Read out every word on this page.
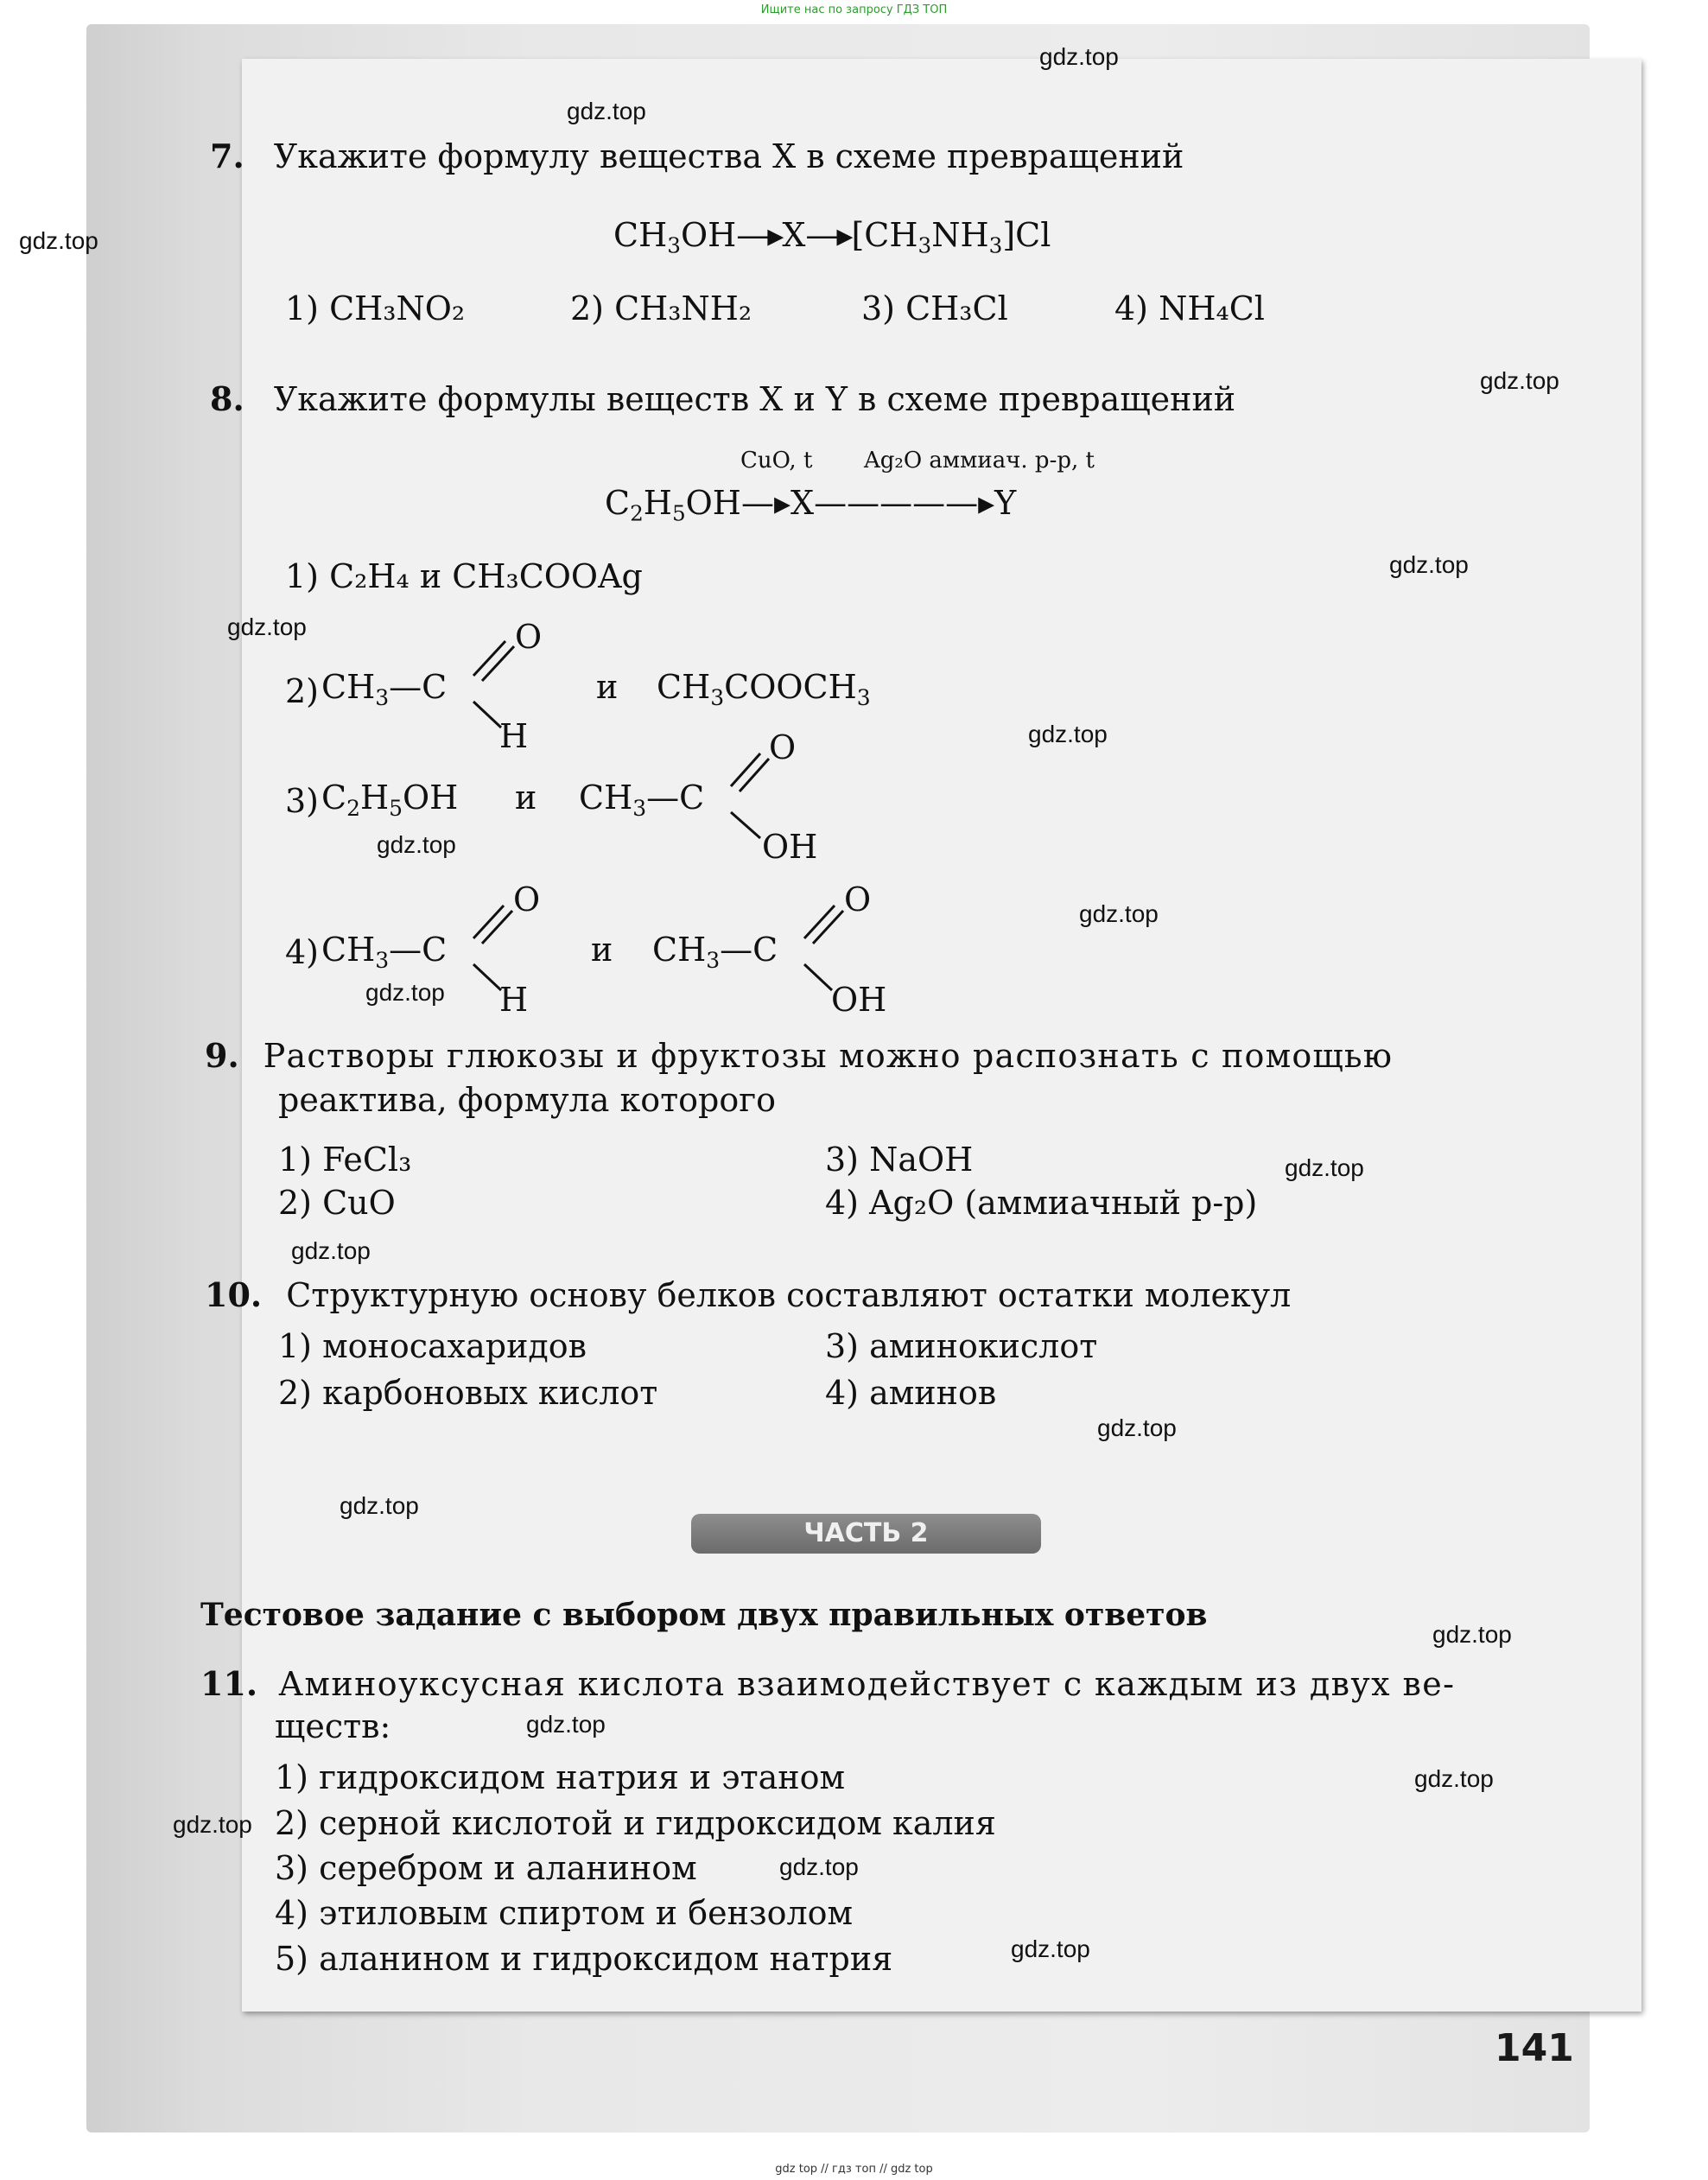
Ищите нас по запросу ГДЗ ТОП
gdz.top
gdz.top
gdz.top
gdz.top
gdz.top
gdz.top
gdz.top
gdz.top
gdz.top
gdz.top
gdz.top
gdz.top
gdz.top
gdz.top
gdz.top
gdz.top
gdz.top
gdz.top
gdz.top
gdz.top
7. Укажите формулу вещества X в схеме превращений
$CH_3OH—▸X—▸[CH_3NH_3]Cl$
1) CH₃NO₂	2) CH₃NH₂	3) CH₃Cl	4) NH₄Cl
8. Укажите формулы веществ X и Y в схеме превращений
CuO, t Ag₂O аммиач. р-р, t
$C_2H_5OH—▸X—————▸Y$
1) C₂H₄ и CH₃COOAg
2) $CH_3—C$
O
H
и $CH_3COOCH_3$
3) $C_2H_5OH$ и $CH_3—C$
O
OH
4) $CH_3—C$
O
H
и $CH_3—C$
O
OH
9. Растворы глюкозы и фруктозы можно распознать с помощью
реактива, формула которого
1) FeCl₃
2) CuO
3) NaOH
4) Ag₂O (аммиачный р-р)
10. Структурную основу белков составляют остатки молекул
1) моносахаридов
2) карбоновых кислот
3) аминокислот
4) аминов
ЧАСТЬ 2
Тестовое задание с выбором двух правильных ответов
11. Аминоуксусная кислота взаимодействует с каждым из двух ве-
ществ:
1) гидроксидом натрия и этаном
2) серной кислотой и гидроксидом калия
3) серебром и аланином
4) этиловым спиртом и бензолом
5) аланином и гидроксидом натрия
141
gdz top // гдз топ // gdz top
